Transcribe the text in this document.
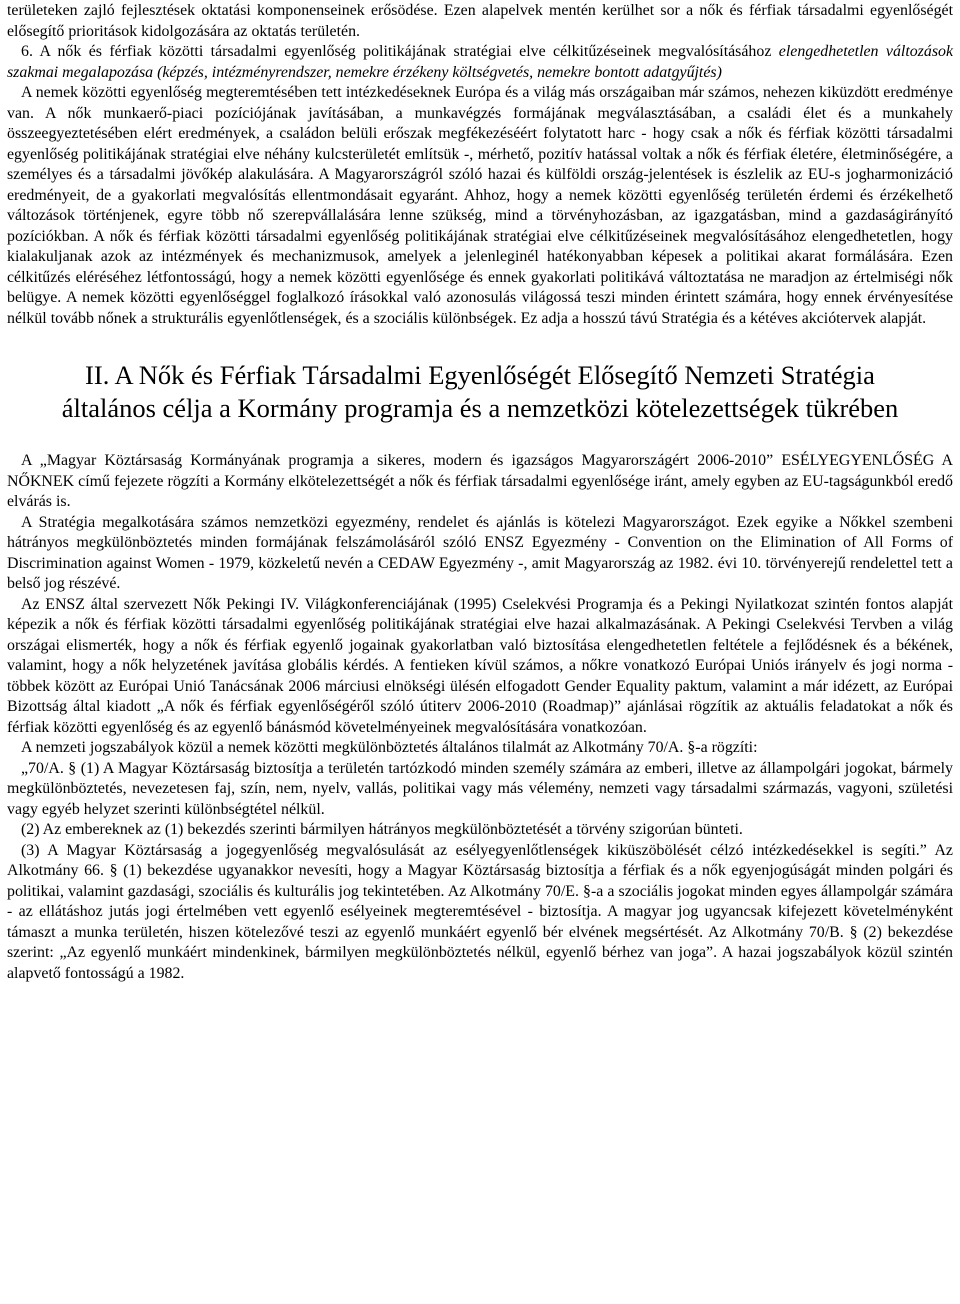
területeken zajló fejlesztések oktatási komponenseinek erősödése. Ezen alapelvek mentén kerülhet sor a nők és férfiak társadalmi egyenlőségét elősegítő prioritások kidolgozására az oktatás területén.

6. A nők és férfiak közötti társadalmi egyenlőség politikájának stratégiai elve célkitűzéseinek megvalósításához elengedhetetlen változások szakmai megalapozása (képzés, intézményrendszer, nemekre érzékeny költségvetés, nemekre bontott adatgyűjtés)

A nemek közötti egyenlőség megteremtésében tett intézkedéseknek Európa és a világ más országaiban már számos, nehezen kiküzdött eredménye van. A nők munkaerő-piaci pozíciójának javításában, a munkavégzés formájának megválasztásában, a családi élet és a munkahely összeegyeztetésében elért eredmények, a családon belüli erőszak megfékezéséért folytatott harc - hogy csak a nők és férfiak közötti társadalmi egyenlőség politikájának stratégiai elve néhány kulcsterületét említsük -, mérhető, pozitív hatással voltak a nők és férfiak életére, életminőségére, a személyes és a társadalmi jövőkép alakulására. A Magyarországról szóló hazai és külföldi ország-jelentések is észlelik az EU-s jogharmonizáció eredményeit, de a gyakorlati megvalósítás ellentmondásait egyaránt. Ahhoz, hogy a nemek közötti egyenlőség területén érdemi és érzékelhető változások történjenek, egyre több nő szerepvállalására lenne szükség, mind a törvényhozásban, az igazgatásban, mind a gazdaságirányító pozíciókban. A nők és férfiak közötti társadalmi egyenlőség politikájának stratégiai elve célkitűzéseinek megvalósításához elengedhetetlen, hogy kialakuljanak azok az intézmények és mechanizmusok, amelyek a jelenleginél hatékonyabban képesek a politikai akarat formálására. Ezen célkitűzés eléréséhez létfontosságú, hogy a nemek közötti egyenlősége és ennek gyakorlati politikává változtatása ne maradjon az értelmiségi nők belügye. A nemek közötti egyenlőséggel foglalkozó írásokkal való azonosulás világossá teszi minden érintett számára, hogy ennek érvényesítése nélkül tovább nőnek a strukturális egyenlőtlenségek, és a szociális különbségek. Ez adja a hosszú távú Stratégia és a kétéves akciótervek alapját.

II. A Nők és Férfiak Társadalmi Egyenlőségét Elősegítő Nemzeti Stratégia
általános célja a Kormány programja és a nemzetközi kötelezettségek tükrében

A „Magyar Köztársaság Kormányának programja a sikeres, modern és igazságos Magyarországért 2006-2010” ESÉLYEGYENLŐSÉG A NŐKNEK című fejezete rögzíti a Kormány elkötelezettségét a nők és férfiak társadalmi egyenlősége iránt, amely egyben az EU-tagságunkból eredő elvárás is.

A Stratégia megalkotására számos nemzetközi egyezmény, rendelet és ajánlás is kötelezi Magyarországot. Ezek egyike a Nőkkel szembeni hátrányos megkülönböztetés minden formájának felszámolásáról szóló ENSZ Egyezmény - Convention on the Elimination of All Forms of Discrimination against Women - 1979, közkeletű nevén a CEDAW Egyezmény -, amit Magyarország az 1982. évi 10. törvényerejű rendelettel tett a belső jog részévé.

Az ENSZ által szervezett Nők Pekingi IV. Világkonferenciájának (1995) Cselekvési Programja és a Pekingi Nyilatkozat szintén fontos alapját képezik a nők és férfiak közötti társadalmi egyenlőség politikájának stratégiai elve hazai alkalmazásának. A Pekingi Cselekvési Tervben a világ országai elismerték, hogy a nők és férfiak egyenlő jogainak gyakorlatban való biztosítása elengedhetetlen feltétele a fejlődésnek és a békének, valamint, hogy a nők helyzetének javítása globális kérdés. A fentieken kívül számos, a nőkre vonatkozó Európai Uniós irányelv és jogi norma - többek között az Európai Unió Tanácsának 2006 márciusi elnökségi ülésén elfogadott Gender Equality paktum, valamint a már idézett, az Európai Bizottság által kiadott „A nők és férfiak egyenlőségéről szóló útiterv 2006-2010 (Roadmap)” ajánlásai rögzítik az aktuális feladatokat a nők és férfiak közötti egyenlőség és az egyenlő bánásmód követelményeinek megvalósítására vonatkozóan.

A nemzeti jogszabályok közül a nemek közötti megkülönböztetés általános tilalmát az Alkotmány 70/A. §-a rögzíti:

„70/A. § (1) A Magyar Köztársaság biztosítja a területén tartózkodó minden személy számára az emberi, illetve az állampolgári jogokat, bármely megkülönböztetés, nevezetesen faj, szín, nem, nyelv, vallás, politikai vagy más vélemény, nemzeti vagy társadalmi származás, vagyoni, születési vagy egyéb helyzet szerinti különbségtétel nélkül.

(2) Az embereknek az (1) bekezdés szerinti bármilyen hátrányos megkülönböztetését a törvény szigorúan bünteti.

(3) A Magyar Köztársaság a jogegyenlőség megvalósulását az esélyegyenlőtlenségek kiküszöbölését célzó intézkedésekkel is segíti.” Az Alkotmány 66. § (1) bekezdése ugyanakkor nevesíti, hogy a Magyar Köztársaság biztosítja a férfiak és a nők egyenjogúságát minden polgári és politikai, valamint gazdasági, szociális és kulturális jog tekintetében. Az Alkotmány 70/E. §-a a szociális jogokat minden egyes állampolgár számára - az ellátáshoz jutás jogi értelmében vett egyenlő esélyeinek megteremtésével - biztosítja. A magyar jog ugyancsak kifejezett követelményként támaszt a munka területén, hiszen kötelezővé teszi az egyenlő munkáért egyenlő bér elvének megsértését. Az Alkotmány 70/B. § (2) bekezdése szerint: „Az egyenlő munkáért mindenkinek, bármilyen megkülönböztetés nélkül, egyenlő bérhez van joga”. A hazai jogszabályok közül szintén alapvető fontosságú a 1982.
